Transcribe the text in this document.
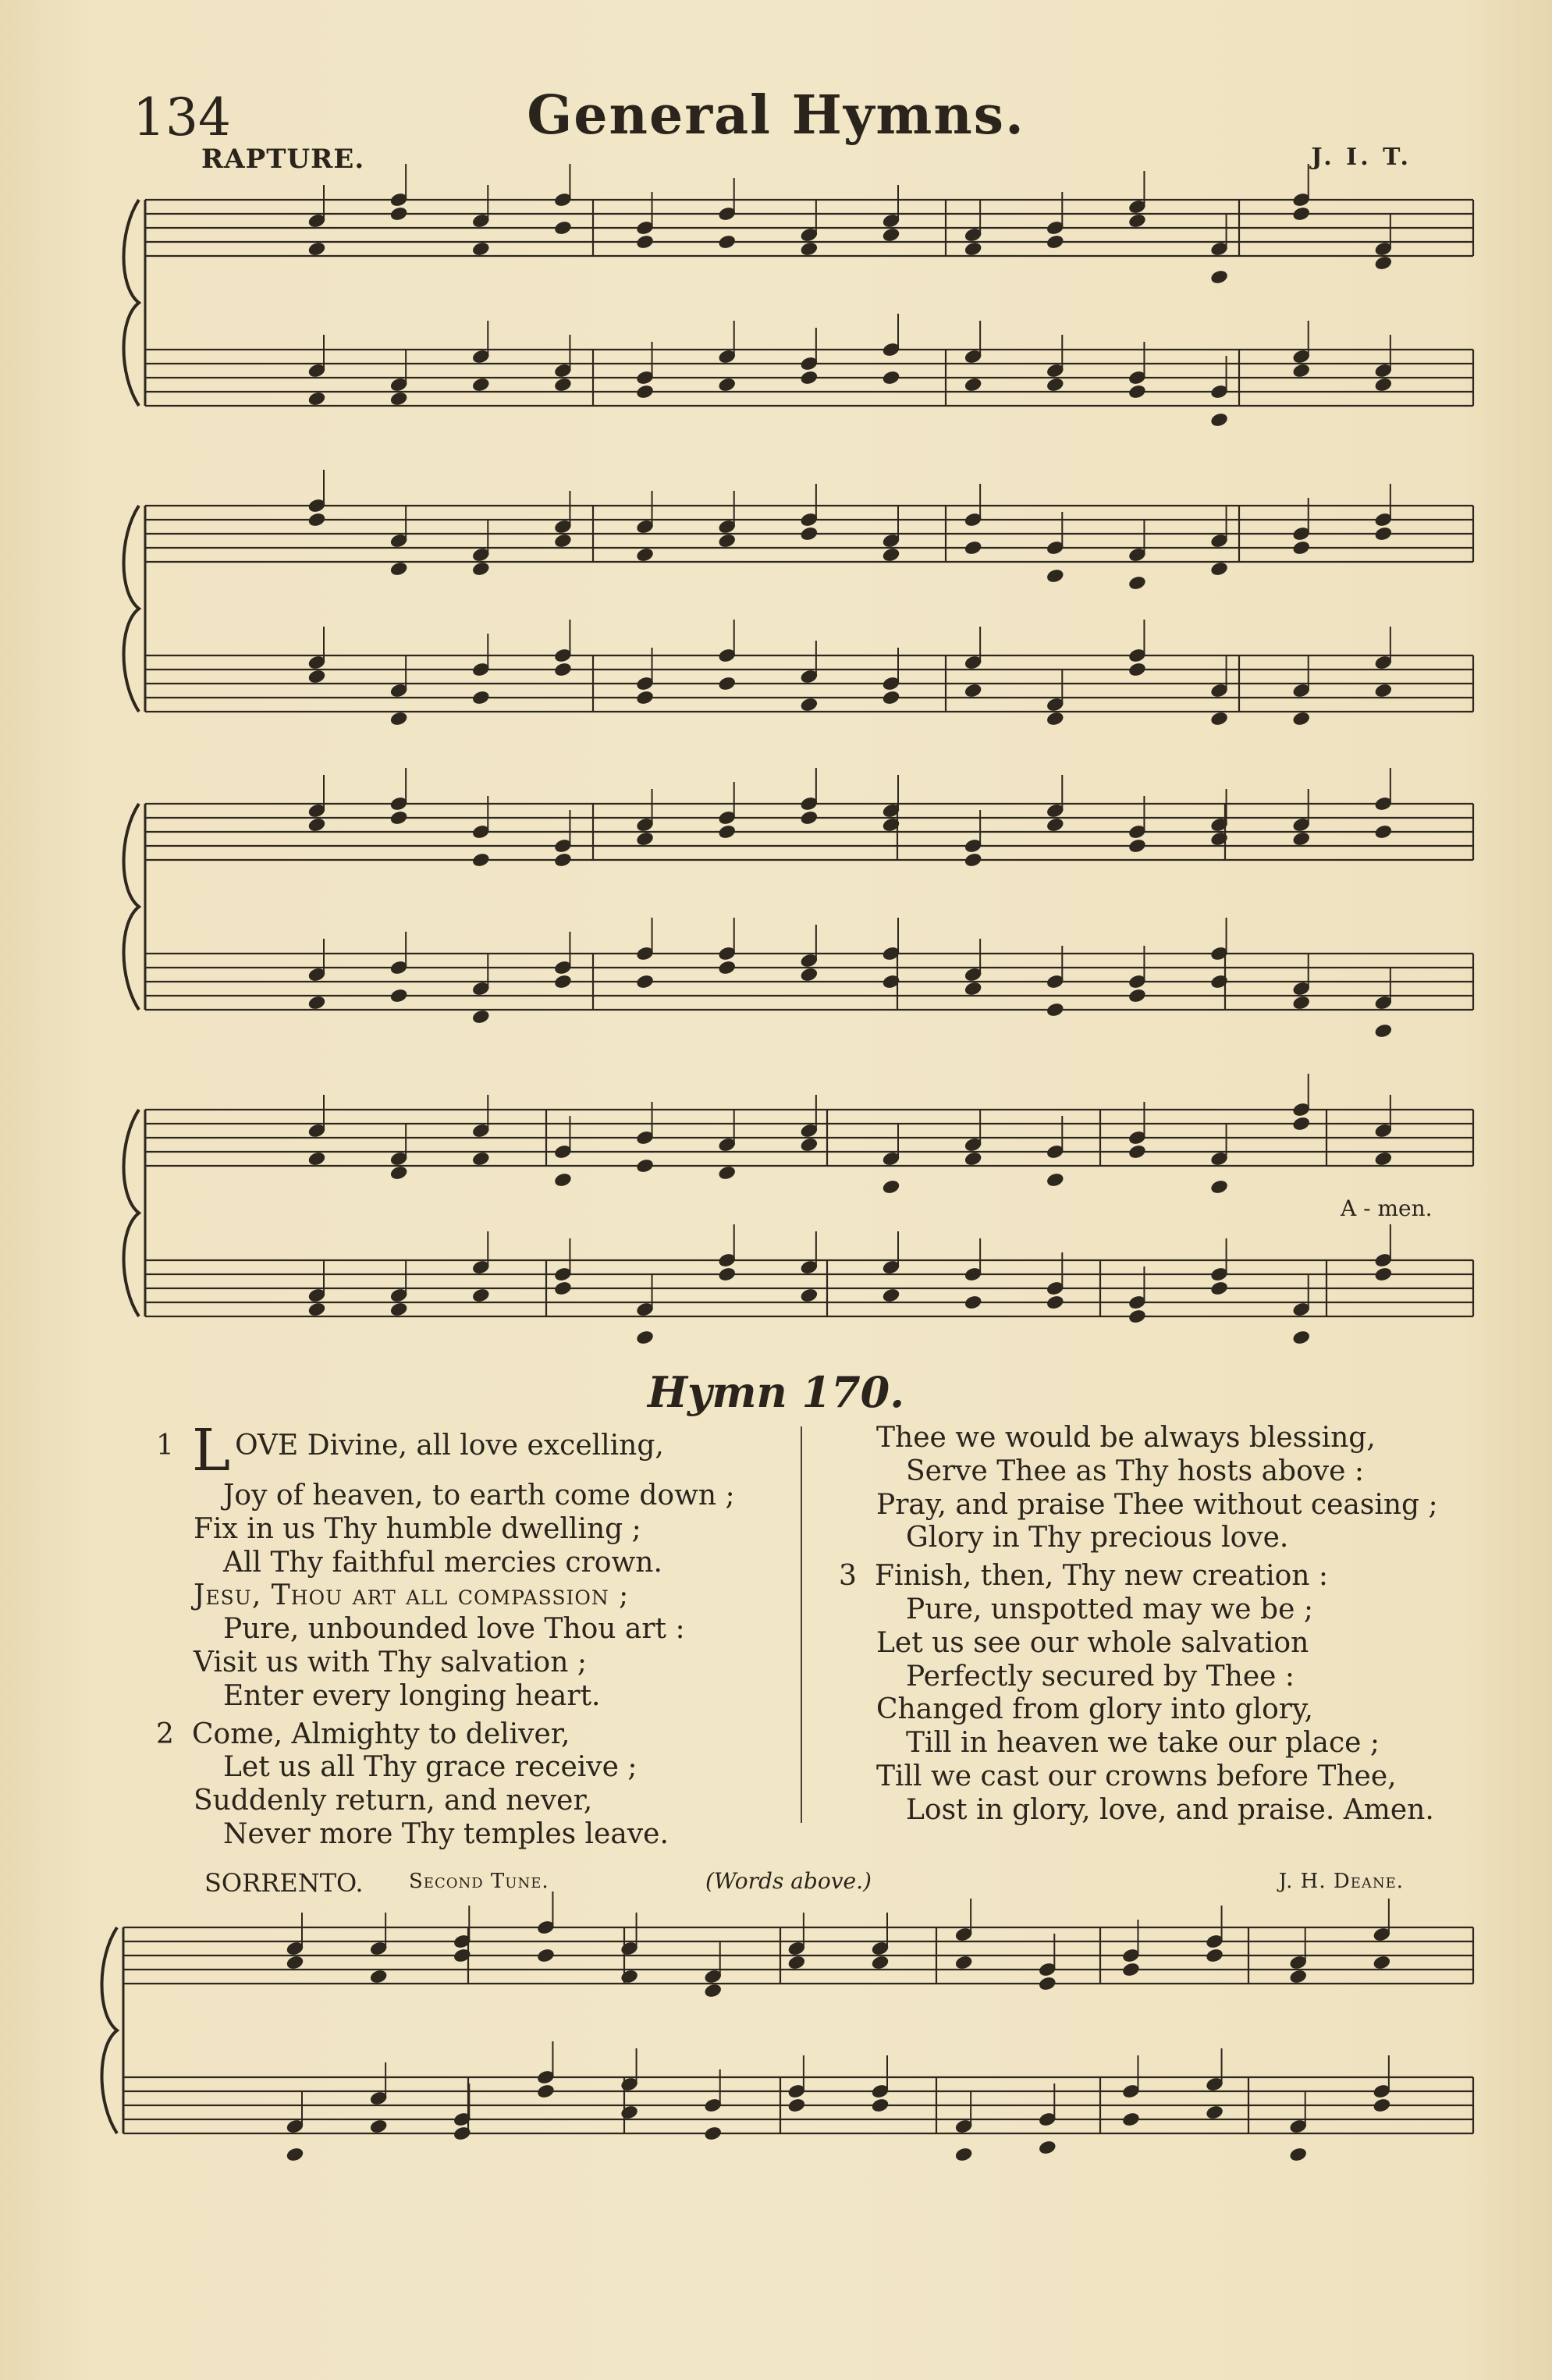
134	General Hymns.
RAPTURE.	J. I. T.
A - men.
Hymn 170.
1 L OVE Divine, all love excelling,
Joy of heaven, to earth come down ;
Fix in us Thy humble dwelling ;
All Thy faithful mercies crown.
Jesu, Thou art all compassion ;
Pure, unbounded love Thou art :
Visit us with Thy salvation ;
Enter every longing heart.
2 Come, Almighty to deliver,
Let us all Thy grace receive ;
Suddenly return, and never,
Never more Thy temples leave.
Thee we would be always blessing,
Serve Thee as Thy hosts above :
Pray, and praise Thee without ceasing ;
Glory in Thy precious love.
3 Finish, then, Thy new creation :
Pure, unspotted may we be ;
Let us see our whole salvation
Perfectly secured by Thee :
Changed from glory into glory,
Till in heaven we take our place ;
Till we cast our crowns before Thee,
Lost in glory, love, and praise. Amen.
SORRENTO. Second Tune.	(Words above.)	J. H. Deane.
